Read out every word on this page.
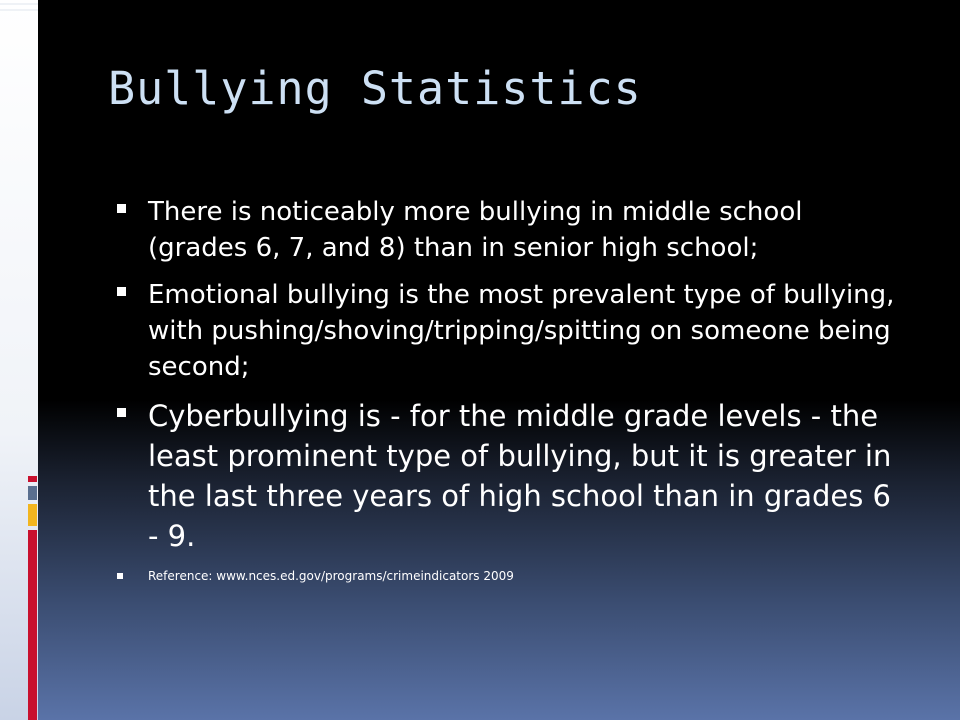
Bullying Statistics
There is noticeably more bullying in middle school (grades 6, 7, and 8) than in senior high school;
Emotional bullying is the most prevalent type of bullying, with pushing/shoving/tripping/spitting on someone being second;
Cyberbullying is - for the middle grade levels - the least prominent type of bullying, but it is greater in the last three years of high school than in grades 6 - 9.
Reference: www.nces.ed.gov/programs/crimeindicators 2009
